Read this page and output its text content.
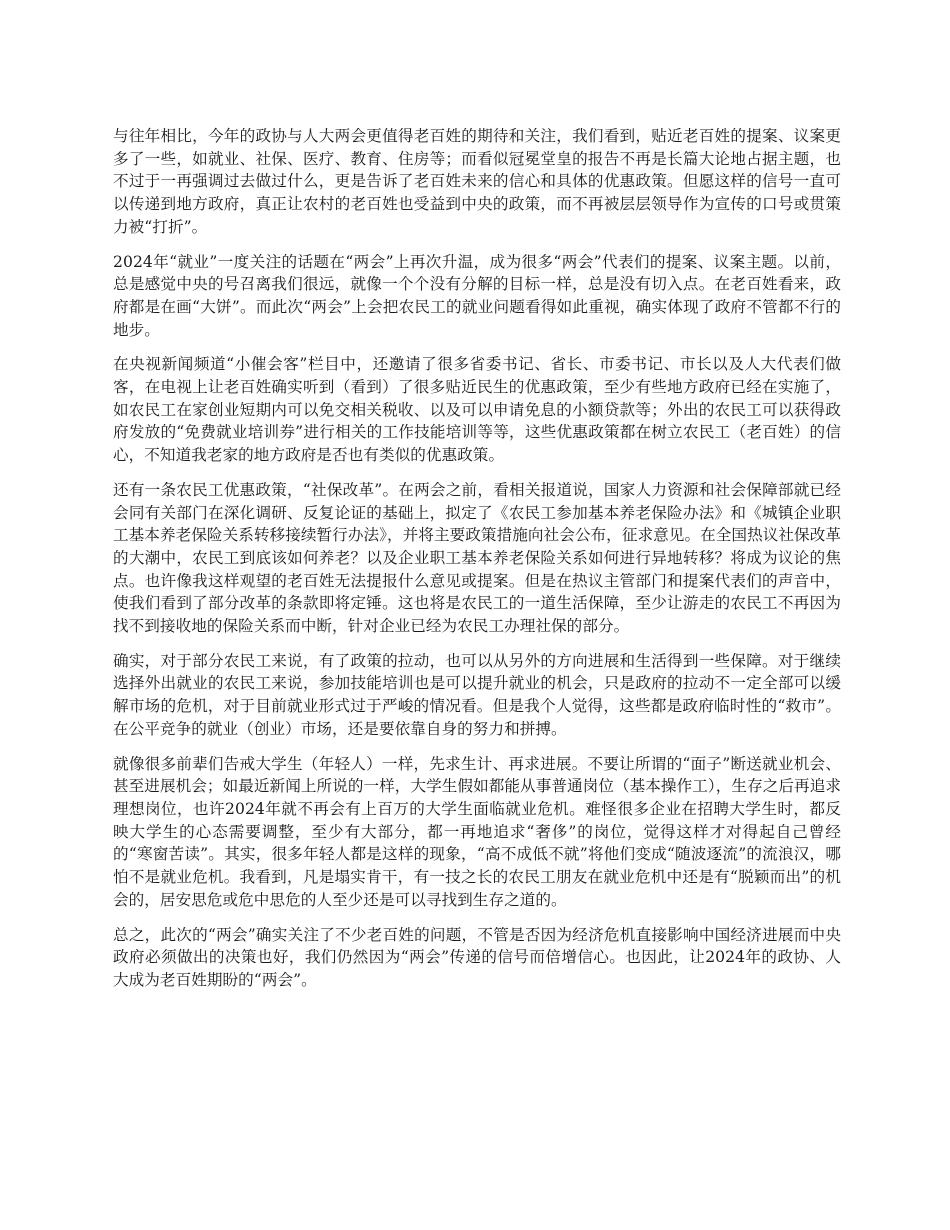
与往年相比，今年的政协与人大两会更值得老百姓的期待和关注，我们看到，贴近老百姓的提案、议案更多了一些，如就业、社保、医疗、教育、住房等；而看似冠冕堂皇的报告不再是长篇大论地占据主题，也不过于一再强调过去做过什么，更是告诉了老百姓未来的信心和具体的优惠政策。但愿这样的信号一直可以传递到地方政府，真正让农村的老百姓也受益到中央的政策，而不再被层层领导作为宣传的口号或贯策力被“打折”。

2024年“就业”一度关注的话题在“两会”上再次升温，成为很多“两会”代表们的提案、议案主题。以前，总是感觉中央的号召离我们很远，就像一个个没有分解的目标一样，总是没有切入点。在老百姓看来，政府都是在画“大饼”。而此次“两会”上会把农民工的就业问题看得如此重视，确实体现了政府不管都不行的地步。

在央视新闻频道“小催会客”栏目中，还邀请了很多省委书记、省长、市委书记、市长以及人大代表们做客，在电视上让老百姓确实听到（看到）了很多贴近民生的优惠政策，至少有些地方政府已经在实施了，如农民工在家创业短期内可以免交相关税收、以及可以申请免息的小额贷款等；外出的农民工可以获得政府发放的“免费就业培训券”进行相关的工作技能培训等等，这些优惠政策都在树立农民工（老百姓）的信心，不知道我老家的地方政府是否也有类似的优惠政策。

还有一条农民工优惠政策，“社保改革”。在两会之前，看相关报道说，国家人力资源和社会保障部就已经会同有关部门在深化调研、反复论证的基础上，拟定了《农民工参加基本养老保险办法》和《城镇企业职工基本养老保险关系转移接续暂行办法》，并将主要政策措施向社会公布，征求意见。在全国热议社保改革的大潮中，农民工到底该如何养老？以及企业职工基本养老保险关系如何进行异地转移？将成为议论的焦点。也许像我这样观望的老百姓无法提报什么意见或提案。但是在热议主管部门和提案代表们的声音中，使我们看到了部分改革的条款即将定锤。这也将是农民工的一道生活保障，至少让游走的农民工不再因为找不到接收地的保险关系而中断，针对企业已经为农民工办理社保的部分。

确实，对于部分农民工来说，有了政策的拉动，也可以从另外的方向进展和生活得到一些保障。对于继续选择外出就业的农民工来说，参加技能培训也是可以提升就业的机会，只是政府的拉动不一定全部可以缓解市场的危机，对于目前就业形式过于严峻的情况看。但是我个人觉得，这些都是政府临时性的“救市”。在公平竞争的就业（创业）市场，还是要依靠自身的努力和拼搏。

就像很多前辈们告戒大学生（年轻人）一样，先求生计、再求进展。不要让所谓的“面子”断送就业机会、甚至进展机会；如最近新闻上所说的一样，大学生假如都能从事普通岗位（基本操作工），生存之后再追求理想岗位，也许2024年就不再会有上百万的大学生面临就业危机。难怪很多企业在招聘大学生时，都反映大学生的心态需要调整，至少有大部分，都一再地追求“奢侈”的岗位，觉得这样才对得起自己曾经的“寒窗苦读”。其实，很多年轻人都是这样的现象，“高不成低不就”将他们变成“随波逐流”的流浪汉，哪怕不是就业危机。我看到，凡是塌实肯干，有一技之长的农民工朋友在就业危机中还是有“脱颖而出”的机会的，居安思危或危中思危的人至少还是可以寻找到生存之道的。

总之，此次的“两会”确实关注了不少老百姓的问题，不管是否因为经济危机直接影响中国经济进展而中央政府必须做出的决策也好，我们仍然因为“两会”传递的信号而倍增信心。也因此，让2024年的政协、人大成为老百姓期盼的“两会”。
